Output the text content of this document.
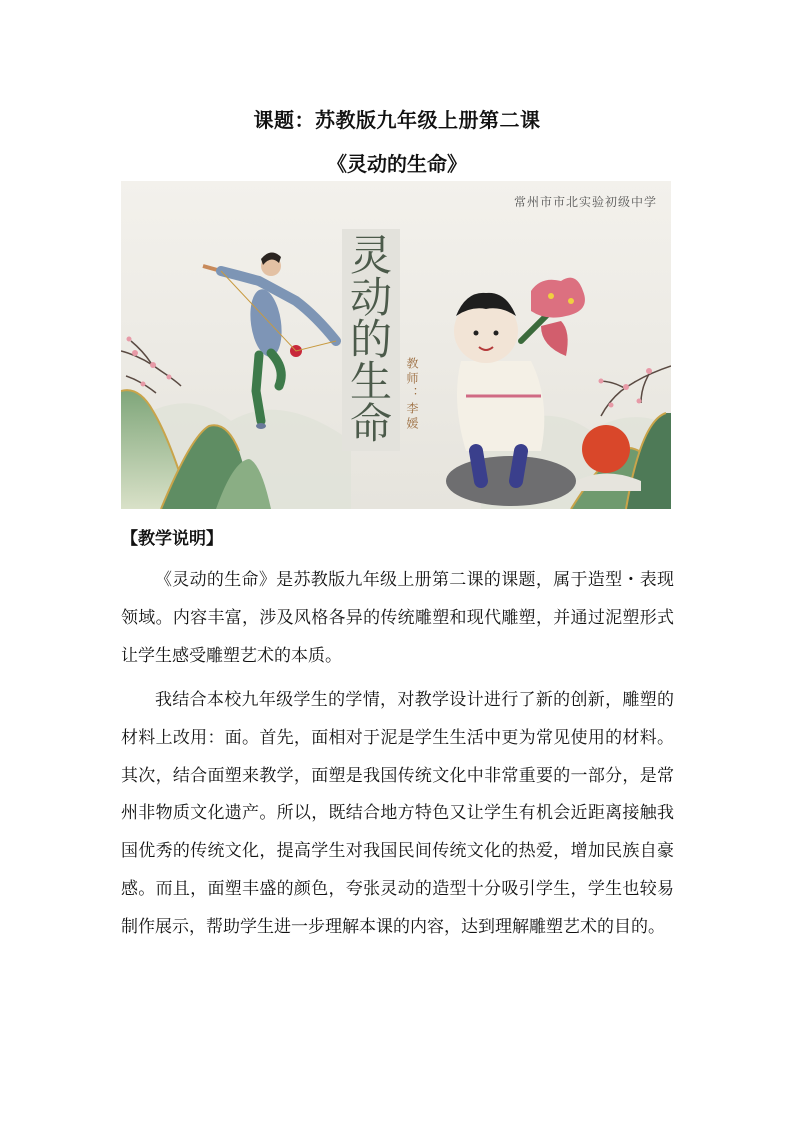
课题：苏教版九年级上册第二课
《灵动的生命》
常州市市北实验初级中学
灵
动
的
生
命 教师：李媛
【教学说明】

《灵动的生命》是苏教版九年级上册第二课的课题，属于造型・表现领域。内容丰富，涉及风格各异的传统雕塑和现代雕塑，并通过泥塑形式让学生感受雕塑艺术的本质。

我结合本校九年级学生的学情，对教学设计进行了新的创新，雕塑的材料上改用：面。首先，面相对于泥是学生生活中更为常见使用的材料。其次，结合面塑来教学，面塑是我国传统文化中非常重要的一部分，是常州非物质文化遗产。所以，既结合地方特色又让学生有机会近距离接触我国优秀的传统文化，提高学生对我国民间传统文化的热爱，增加民族自豪感。而且，面塑丰盛的颜色，夸张灵动的造型十分吸引学生，学生也较易制作展示，帮助学生进一步理解本课的内容，达到理解雕塑艺术的目的。
